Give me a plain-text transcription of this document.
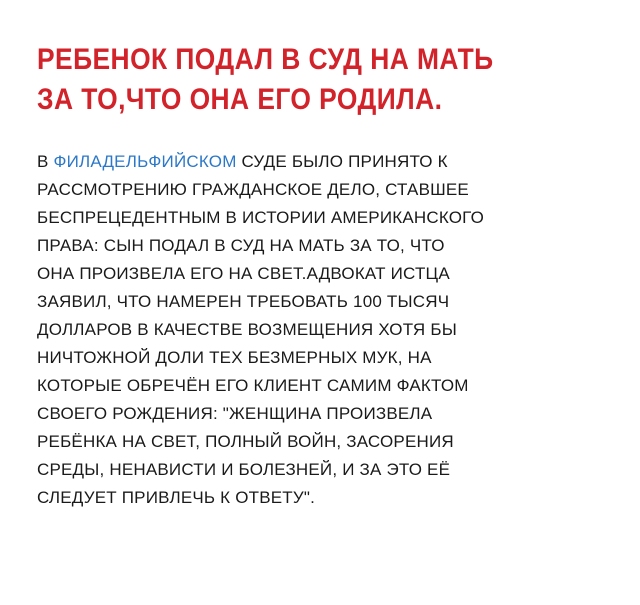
РЕБЕНОК ПОДАЛ В СУД НА МАТЬ
ЗА ТО,ЧТО ОНА ЕГО РОДИЛА.
В ФИЛАДЕЛЬФИЙСКОМ СУДЕ БЫЛО ПРИНЯТО К
РАССМОТРЕНИЮ ГРАЖДАНСКОЕ ДЕЛО, СТАВШЕЕ
БЕСПРЕЦЕДЕНТНЫМ В ИСТОРИИ АМЕРИКАНСКОГО
ПРАВА: СЫН ПОДАЛ В СУД НА МАТЬ ЗА ТО, ЧТО
ОНА ПРОИЗВЕЛА ЕГО НА СВЕТ.АДВОКАТ ИСТЦА
ЗАЯВИЛ, ЧТО НАМЕРЕН ТРЕБОВАТЬ 100 ТЫСЯЧ
ДОЛЛАРОВ В КАЧЕСТВЕ ВОЗМЕЩЕНИЯ ХОТЯ БЫ
НИЧТОЖНОЙ ДОЛИ ТЕХ БЕЗМЕРНЫХ МУК, НА
КОТОРЫЕ ОБРЕЧЁН ЕГО КЛИЕНТ САМИМ ФАКТОМ
СВОЕГО РОЖДЕНИЯ: "ЖЕНЩИНА ПРОИЗВЕЛА
РЕБЁНКА НА СВЕТ, ПОЛНЫЙ ВОЙН, ЗАСОРЕНИЯ
СРЕДЫ, НЕНАВИСТИ И БОЛЕЗНЕЙ, И ЗА ЭТО ЕЁ
СЛЕДУЕТ ПРИВЛЕЧЬ К ОТВЕТУ".
